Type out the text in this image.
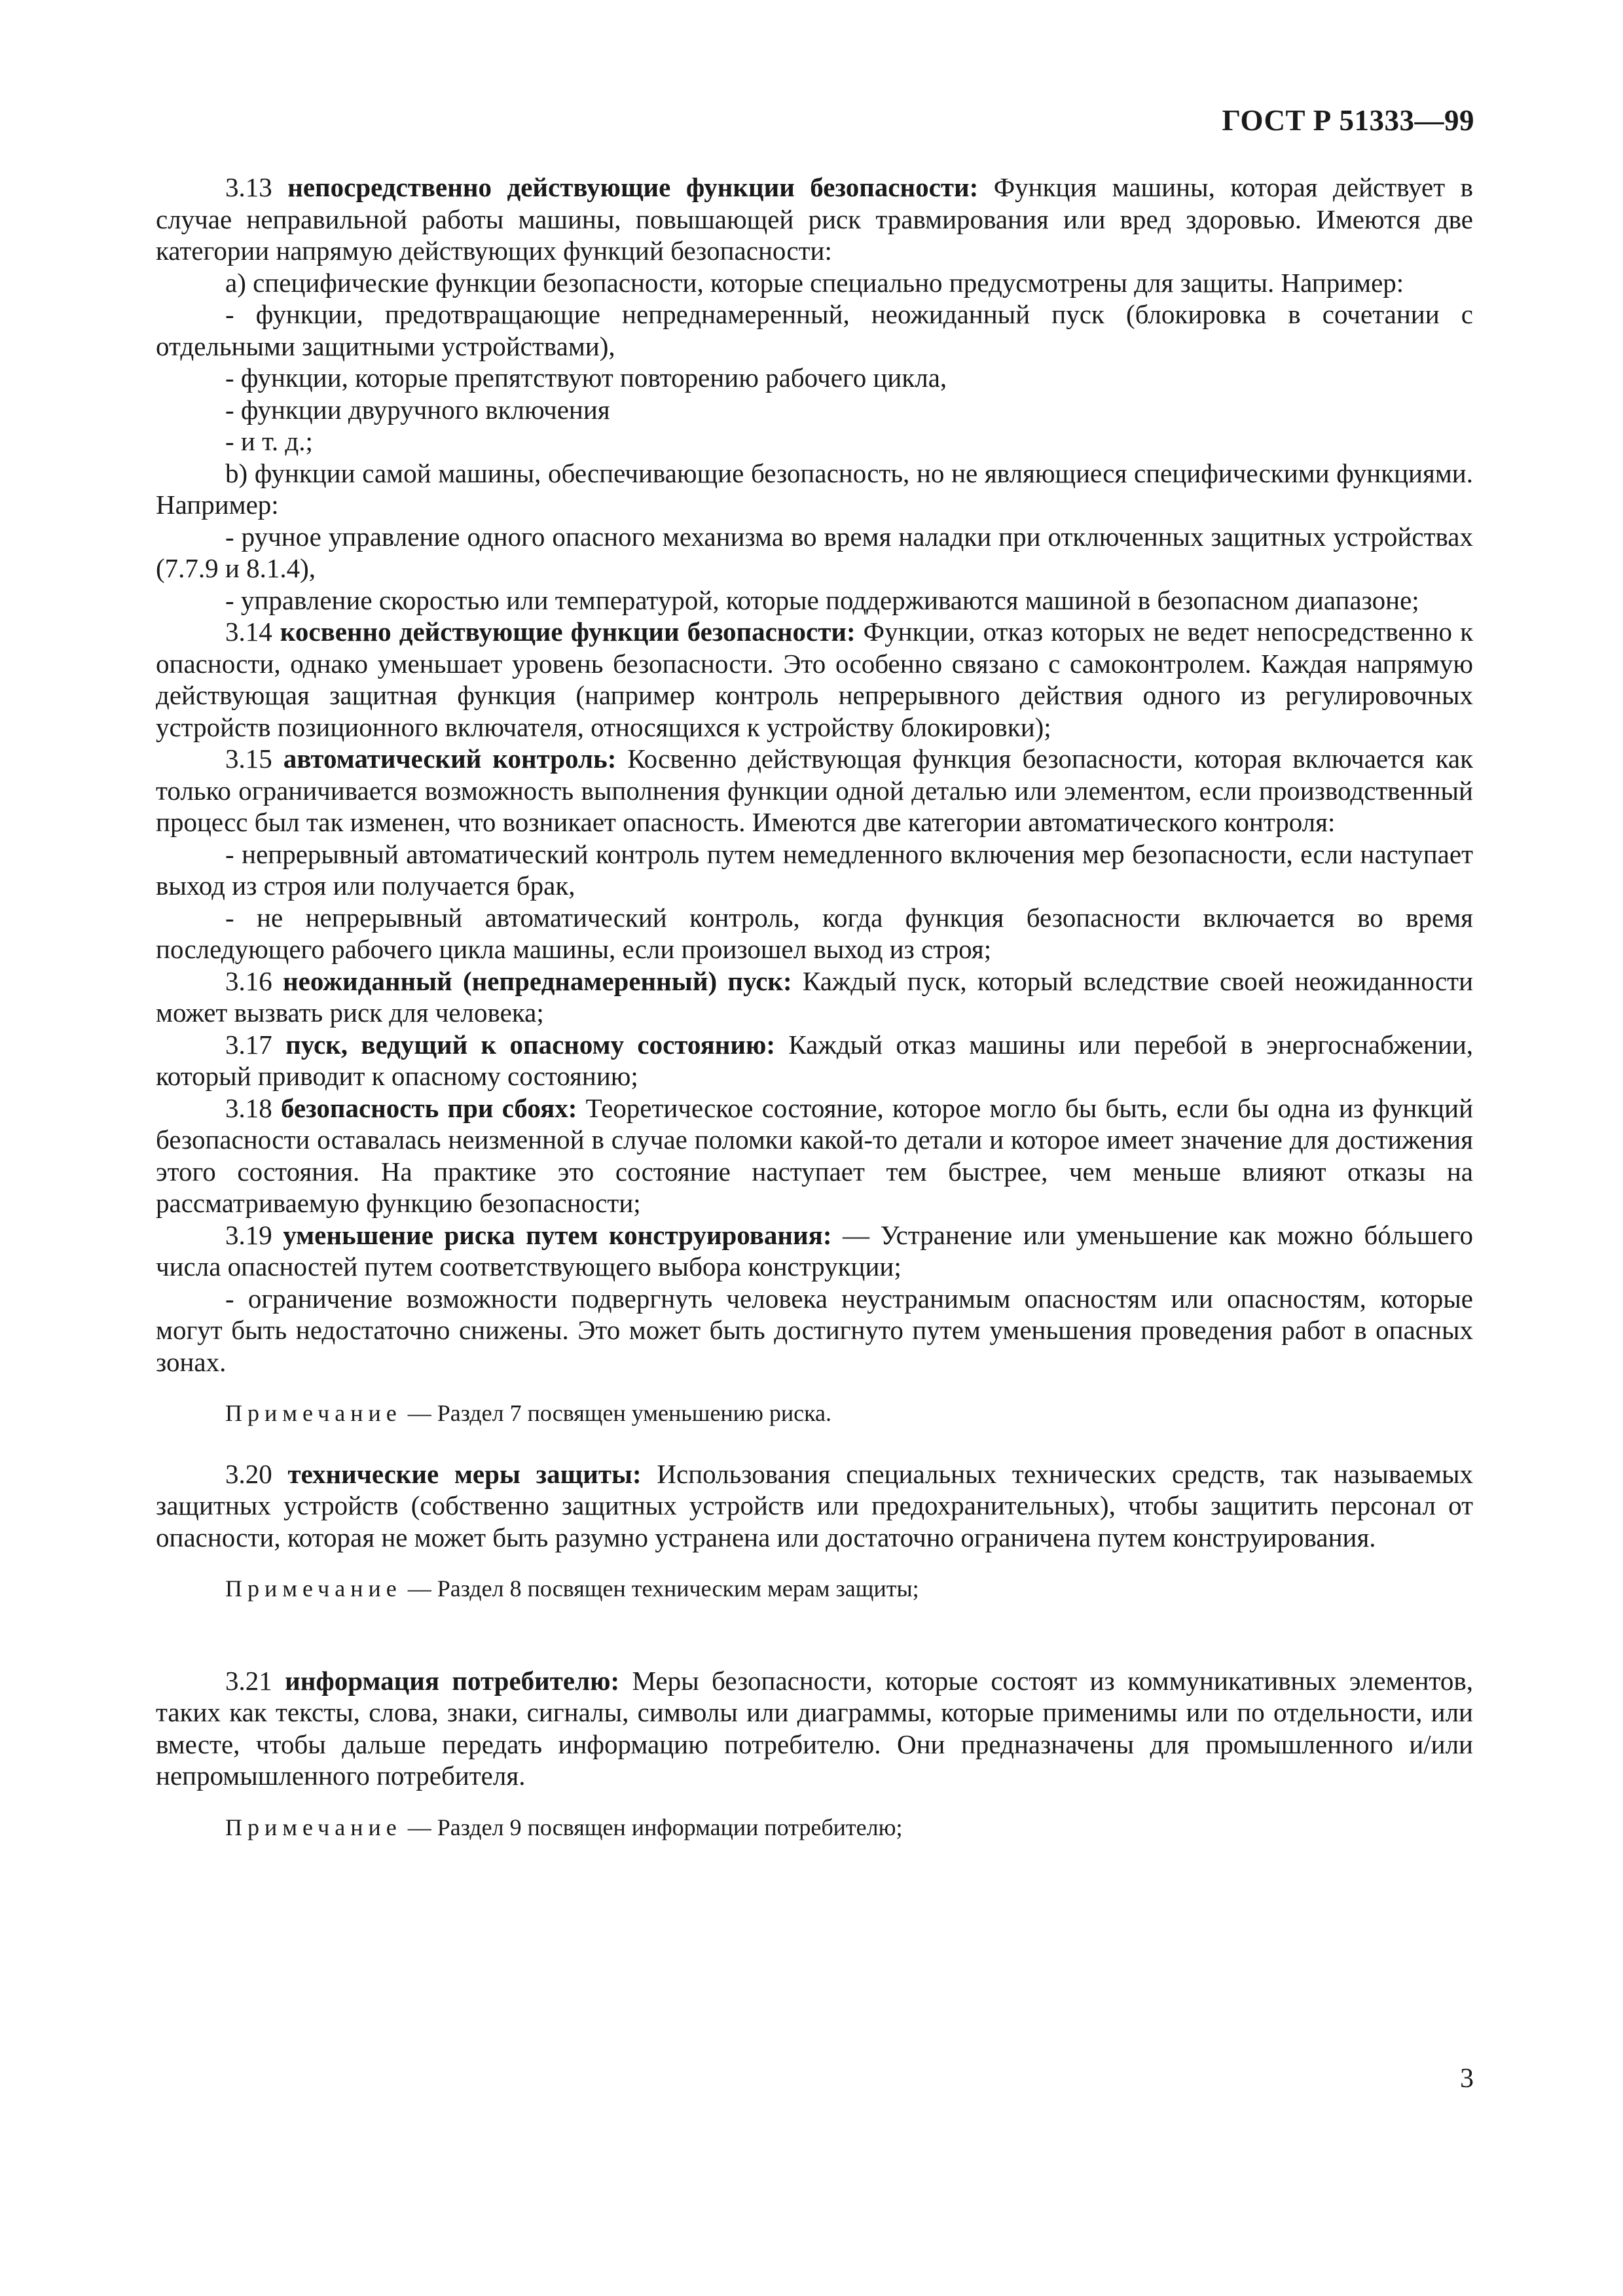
ГОСТ Р 51333—99

3.13 непосредственно действующие функции безопасности: Функция машины, которая действует в случае неправильной работы машины, повышающей риск травмирования или вред здоровью. Имеются две категории напрямую действующих функций безопасности:

a) специфические функции безопасности, которые специально предусмотрены для защиты. Например:

- функции, предотвращающие непреднамеренный, неожиданный пуск (блокировка в сочетании с отдельными защитными устройствами),

- функции, которые препятствуют повторению рабочего цикла,

- функции двуручного включения

- и т. д.;

b) функции самой машины, обеспечивающие безопасность, но не являющиеся специфическими функциями. Например:

- ручное управление одного опасного механизма во время наладки при отключенных защитных устройствах (7.7.9 и 8.1.4),

- управление скоростью или температурой, которые поддерживаются машиной в безопасном диапазоне;

3.14 косвенно действующие функции безопасности: Функции, отказ которых не ведет непосредственно к опасности, однако уменьшает уровень безопасности. Это особенно связано с самоконтролем. Каждая напрямую действующая защитная функция (например контроль непрерывного действия одного из регулировочных устройств позиционного включателя, относящихся к устройству блокировки);

3.15 автоматический контроль: Косвенно действующая функция безопасности, которая включается как только ограничивается возможность выполнения функции одной деталью или элементом, если производственный процесс был так изменен, что возникает опасность. Имеются две категории автоматического контроля:

- непрерывный автоматический контроль путем немедленного включения мер безопасности, если наступает выход из строя или получается брак,

- не непрерывный автоматический контроль, когда функция безопасности включается во время последующего рабочего цикла машины, если произошел выход из строя;

3.16 неожиданный (непреднамеренный) пуск: Каждый пуск, который вследствие своей неожиданности может вызвать риск для человека;

3.17 пуск, ведущий к опасному состоянию: Каждый отказ машины или перебой в энергоснабжении, который приводит к опасному состоянию;

3.18 безопасность при сбоях: Теоретическое состояние, которое могло бы быть, если бы одна из функций безопасности оставалась неизменной в случае поломки какой-то детали и которое имеет значение для достижения этого состояния. На практике это состояние наступает тем быстрее, чем меньше влияют отказы на рассматриваемую функцию безопасности;

3.19 уменьшение риска путем конструирования: — Устранение или уменьшение как можно бóльшего числа опасностей путем соответствующего выбора конструкции;

- ограничение возможности подвергнуть человека неустранимым опасностям или опасностям, которые могут быть недостаточно снижены. Это может быть достигнуто путем уменьшения проведения работ в опасных зонах.

Примечание — Раздел 7 посвящен уменьшению риска.

3.20 технические меры защиты: Использования специальных технических средств, так называемых защитных устройств (собственно защитных устройств или предохранительных), чтобы защитить персонал от опасности, которая не может быть разумно устранена или достаточно ограничена путем конструирования.

Примечание — Раздел 8 посвящен техническим мерам защиты;

3.21 информация потребителю: Меры безопасности, которые состоят из коммуникативных элементов, таких как тексты, слова, знаки, сигналы, символы или диаграммы, которые применимы или по отдельности, или вместе, чтобы дальше передать информацию потребителю. Они предназначены для промышленного и/или непромышленного потребителя.

Примечание — Раздел 9 посвящен информации потребителю;

3
